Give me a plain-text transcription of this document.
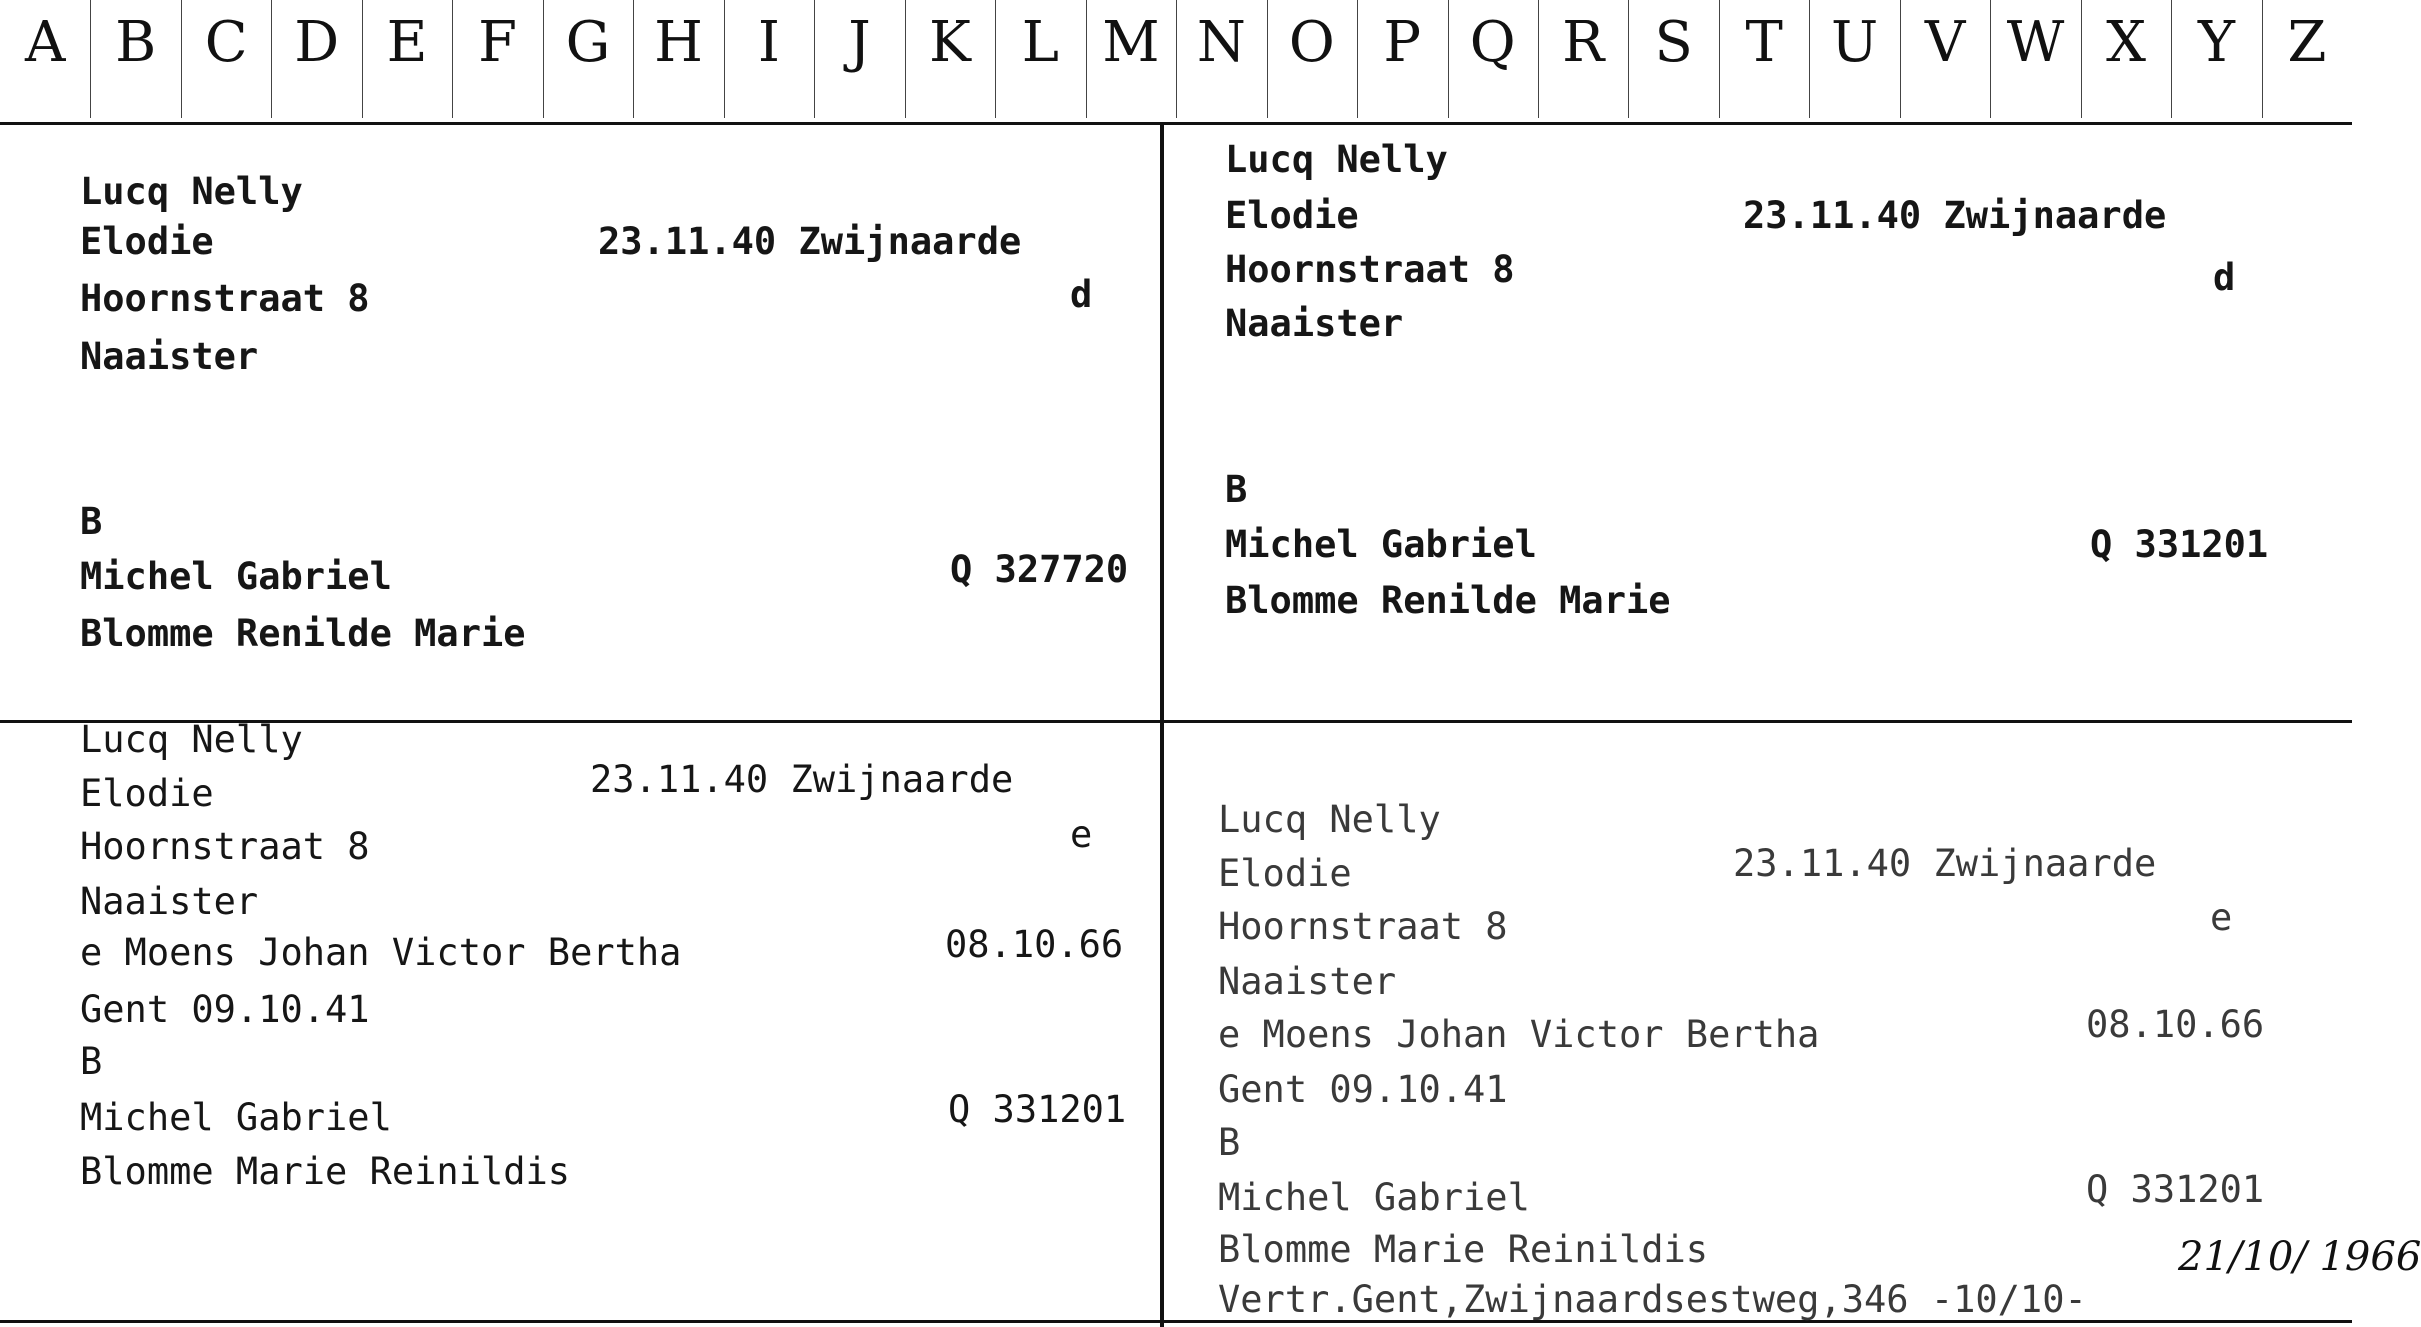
A B C D E F G H I	J	K L M N O P Q R S T U V W X Y Z
Lucq Nelly
Elodie	23.11.40 Zwijnaarde
Hoornstraat 8	d
Naaister
B
Michel Gabriel	Q 327720
Blomme Renilde Marie
Lucq Nelly
Elodie	23.11.40 Zwijnaarde
Hoornstraat 8	d
Naaister
B
Michel Gabriel	Q 331201
Blomme Renilde Marie
Lucq Nelly
Elodie	23.11.40 Zwijnaarde
Hoornstraat 8	e
Naaister
e Moens Johan Victor Bertha	08.10.66
Gent 09.10.41
B
Michel Gabriel	Q 331201
Blomme Marie Reinildis
Lucq Nelly
Elodie	23.11.40 Zwijnaarde
Hoornstraat 8	e
Naaister
e Moens Johan Victor Bertha	08.10.66
Gent 09.10.41
B
Michel Gabriel	Q 331201
Blomme Marie Reinildis
Vertr.Gent,Zwijnaardsestweg,346 -10/10-
21/10/ 1966
